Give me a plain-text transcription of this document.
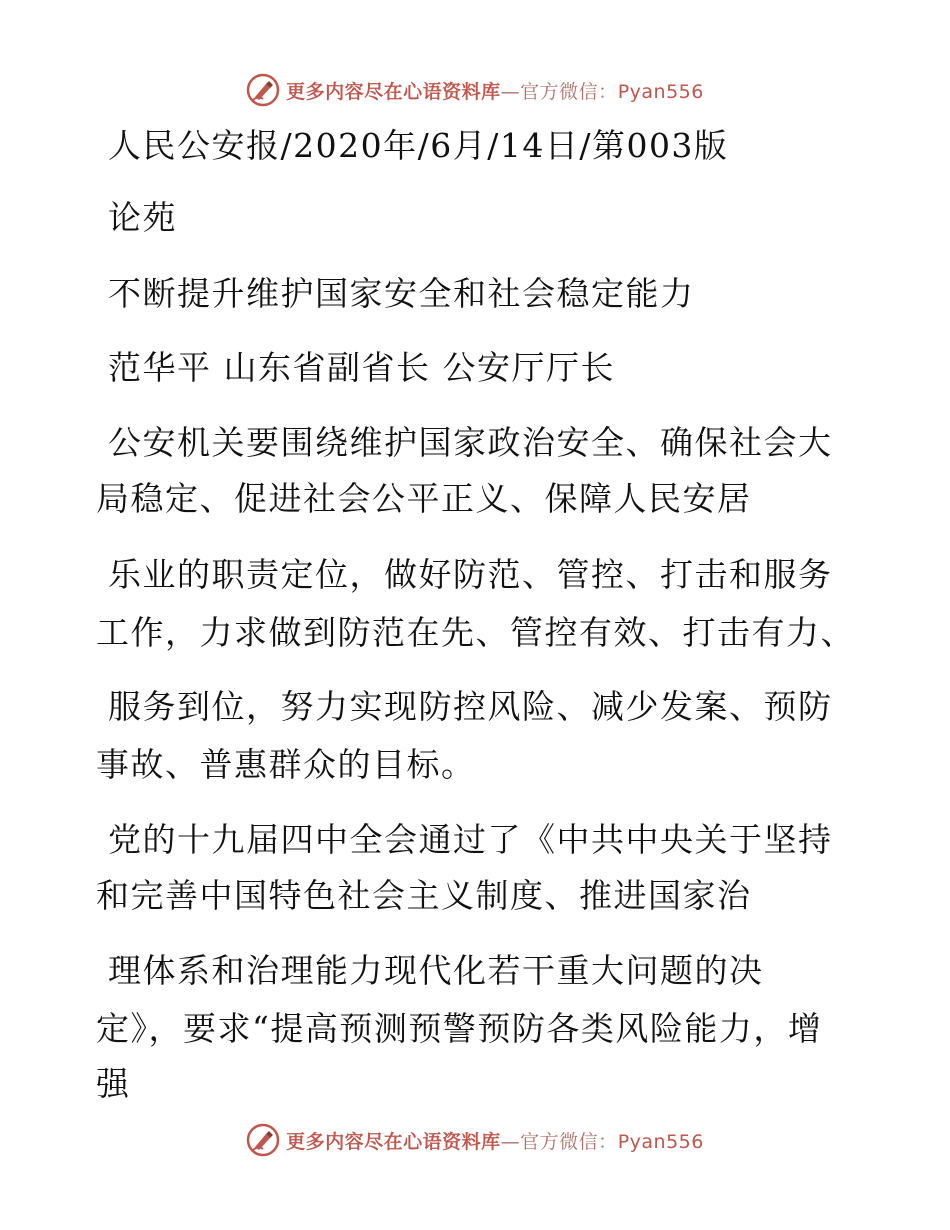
更多内容尽在心语资料库—官方微信：Pyan556
人民公安报/2020年/6月/14日/第003版
论苑
不断提升维护国家安全和社会稳定能力
范华平 山东省副省长 公安厅厅长
公安机关要围绕维护国家政治安全、确保社会大
局稳定、促进社会公平正义、保障人民安居
乐业的职责定位，做好防范、管控、打击和服务
工作，力求做到防范在先、管控有效、打击有力、
服务到位，努力实现防控风险、减少发案、预防
事故、普惠群众的目标。
党的十九届四中全会通过了《中共中央关于坚持
和完善中国特色社会主义制度、推进国家治
理体系和治理能力现代化若干重大问题的决
定》，要求“提高预测预警预防各类风险能力，增
强
更多内容尽在心语资料库—官方微信：Pyan556
